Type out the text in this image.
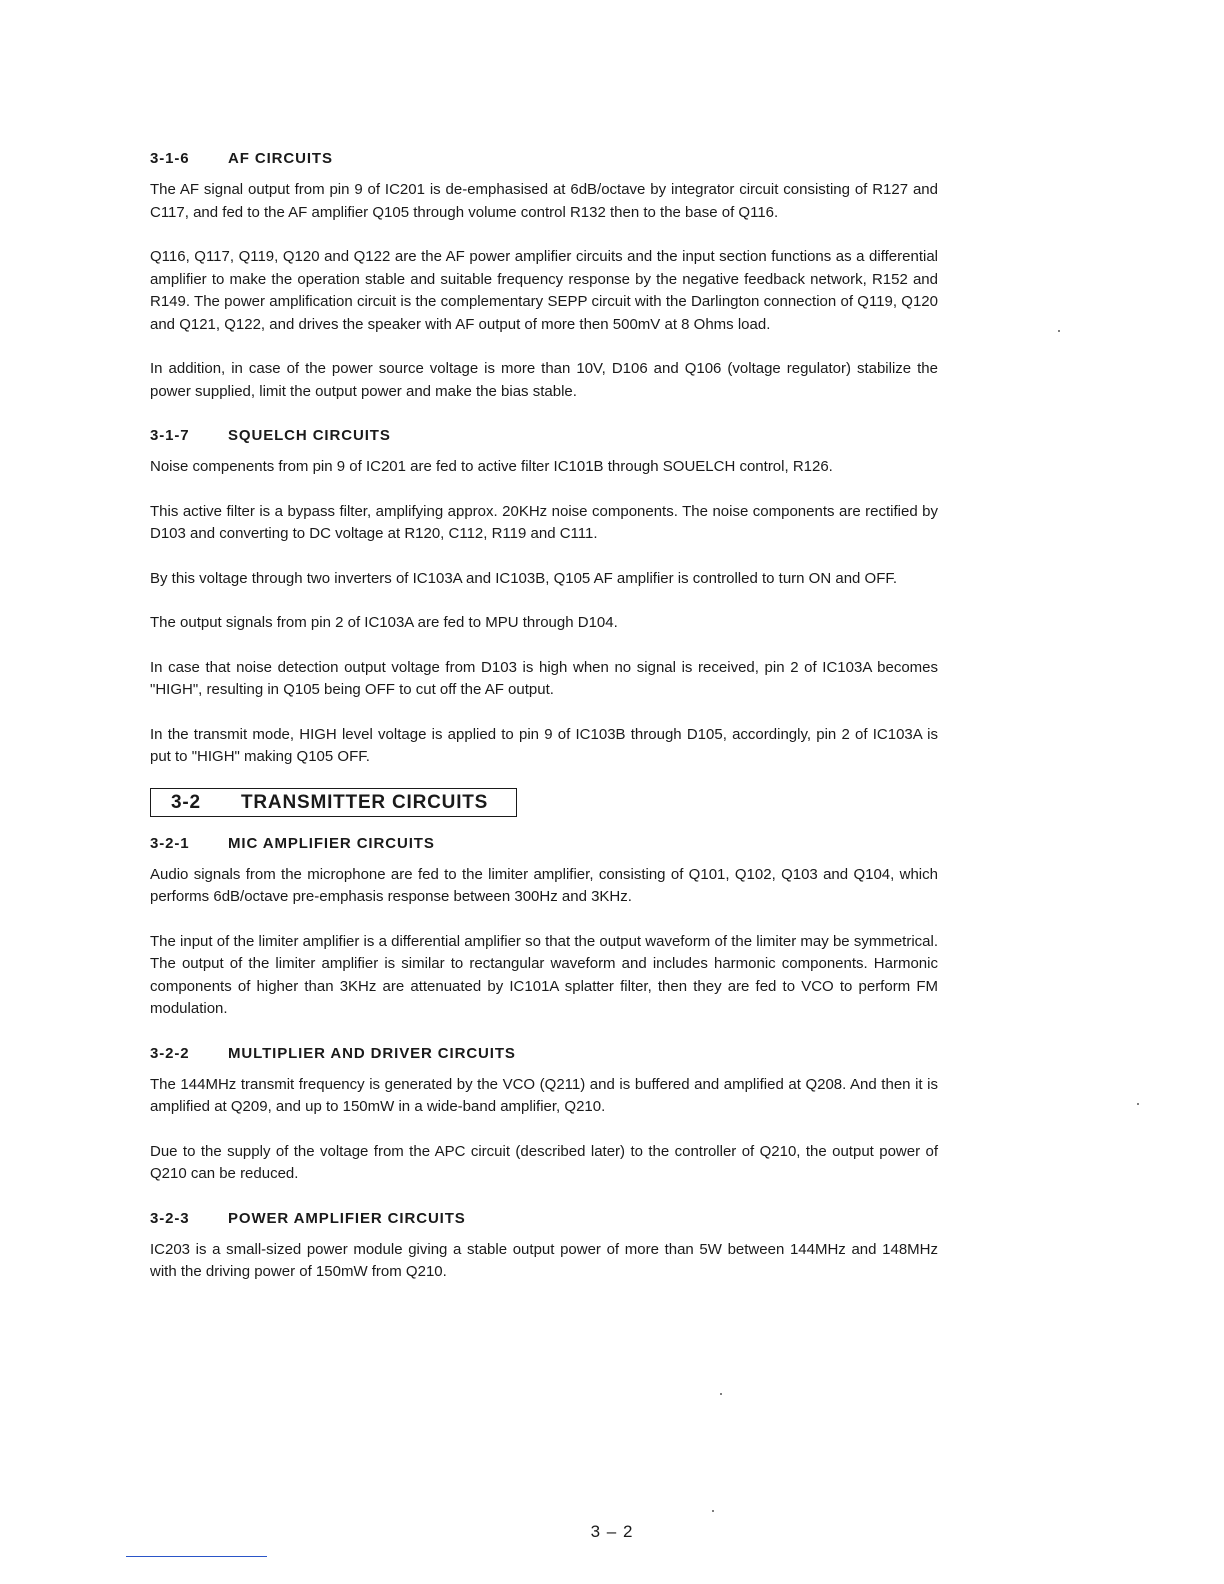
3-1-6	AF CIRCUITS

The AF signal output from pin 9 of IC201 is de-emphasised at 6dB/octave by integrator circuit consisting of R127 and C117, and fed to the AF amplifier Q105 through volume control R132 then to the base of Q116.

Q116, Q117, Q119, Q120 and Q122 are the AF power amplifier circuits and the input section functions as a differential amplifier to make the operation stable and suitable frequency response by the negative feedback network, R152 and R149. The power amplification circuit is the complementary SEPP circuit with the Darlington connection of Q119, Q120 and Q121, Q122, and drives the speaker with AF output of more then 500mV at 8 Ohms load.

In addition, in case of the power source voltage is more than 10V, D106 and Q106 (voltage regulator) stabilize the power supplied, limit the output power and make the bias stable.

3-1-7	SQUELCH CIRCUITS

Noise compenents from pin 9 of IC201 are fed to active filter IC101B through SOUELCH control, R126.

This active filter is a bypass filter, amplifying approx. 20KHz noise components. The noise components are rectified by D103 and converting to DC voltage at R120, C112, R119 and C111.

By this voltage through two inverters of IC103A and IC103B, Q105 AF amplifier is controlled to turn ON and OFF.

The output signals from pin 2 of IC103A are fed to MPU through D104.

In case that noise detection output voltage from D103 is high when no signal is received, pin 2 of IC103A becomes "HIGH", resulting in Q105 being OFF to cut off the AF output.

In the transmit mode, HIGH level voltage is applied to pin 9 of IC103B through D105, accordingly, pin 2 of IC103A is put to "HIGH" making Q105 OFF.

3-2 TRANSMITTER CIRCUITS
3-2-1	MIC AMPLIFIER CIRCUITS

Audio signals from the microphone are fed to the limiter amplifier, consisting of Q101, Q102, Q103 and Q104, which performs 6dB/octave pre-emphasis response between 300Hz and 3KHz.

The input of the limiter amplifier is a differential amplifier so that the output waveform of the limiter may be symmetrical. The output of the limiter amplifier is similar to rectangular waveform and includes harmonic components. Harmonic components of higher than 3KHz are attenuated by IC101A splatter filter, then they are fed to VCO to perform FM modulation.

3-2-2	MULTIPLIER AND DRIVER CIRCUITS

The 144MHz transmit frequency is generated by the VCO (Q211) and is buffered and amplified at Q208. And then it is amplified at Q209, and up to 150mW in a wide-band amplifier, Q210.

Due to the supply of the voltage from the APC circuit (described later) to the controller of Q210, the output power of Q210 can be reduced.

3-2-3	POWER AMPLIFIER CIRCUITS

IC203 is a small-sized power module giving a stable output power of more than 5W between 144MHz and 148MHz with the driving power of 150mW from Q210.

3 – 2
